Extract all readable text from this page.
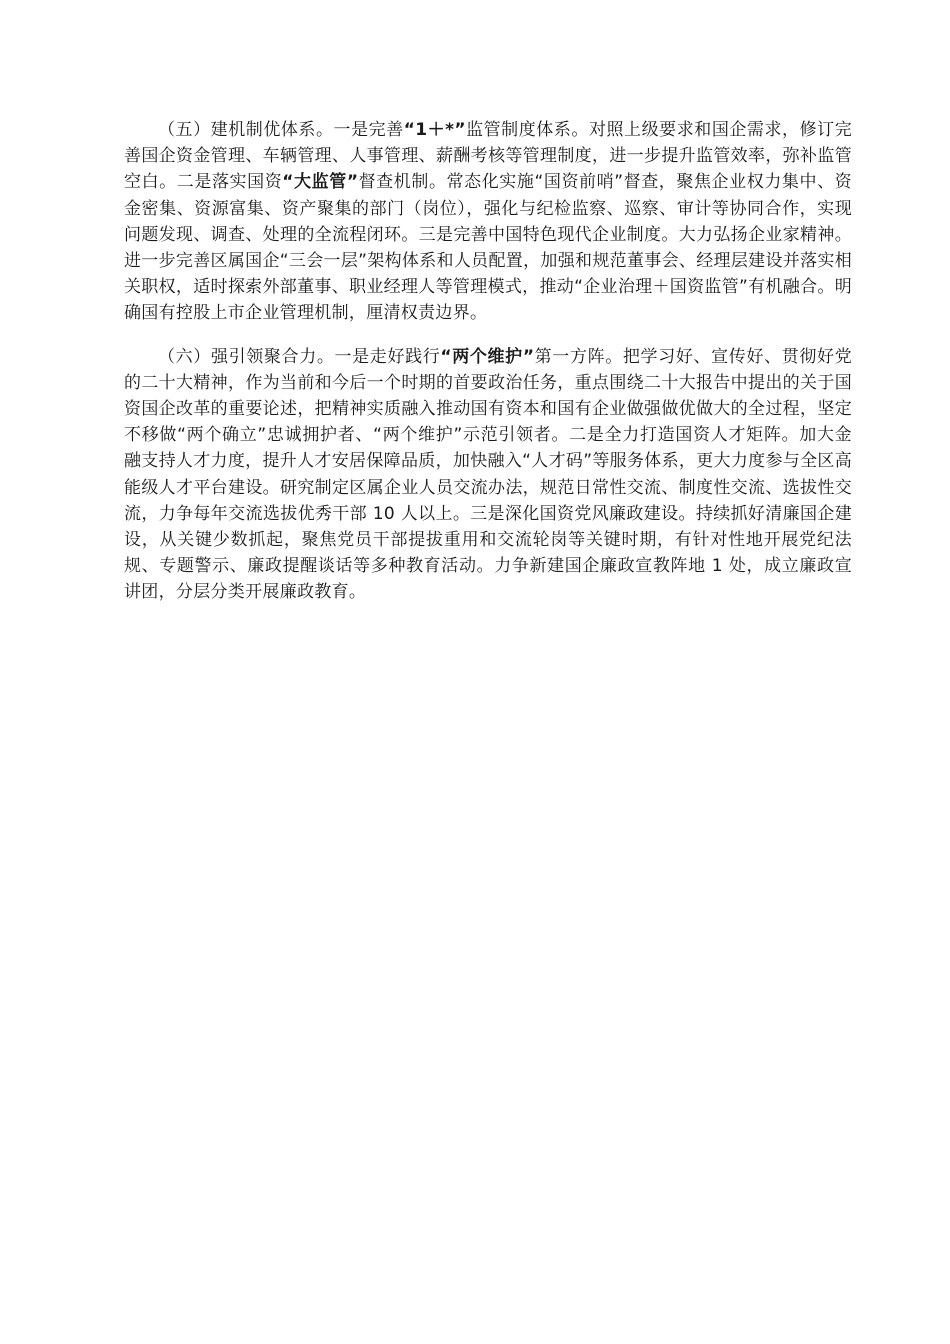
（五）建机制优体系。一是完善“1＋*”监管制度体系。对照上级要求和国企需求，修订完善国企资金管理、车辆管理、人事管理、薪酬考核等管理制度，进一步提升监管效率，弥补监管空白。二是落实国资“大监管”督查机制。常态化实施“国资前哨”督查，聚焦企业权力集中、资金密集、资源富集、资产聚集的部门（岗位），强化与纪检监察、巡察、审计等协同合作，实现问题发现、调查、处理的全流程闭环。三是完善中国特色现代企业制度。大力弘扬企业家精神。进一步完善区属国企“三会一层”架构体系和人员配置，加强和规范董事会、经理层建设并落实相关职权，适时探索外部董事、职业经理人等管理模式，推动“企业治理＋国资监管”有机融合。明确国有控股上市企业管理机制，厘清权责边界。

（六）强引领聚合力。一是走好践行“两个维护”第一方阵。把学习好、宣传好、贯彻好党的二十大精神，作为当前和今后一个时期的首要政治任务，重点围绕二十大报告中提出的关于国资国企改革的重要论述，把精神实质融入推动国有资本和国有企业做强做优做大的全过程，坚定不移做“两个确立”忠诚拥护者、“两个维护”示范引领者。二是全力打造国资人才矩阵。加大金融支持人才力度，提升人才安居保障品质，加快融入“人才码”等服务体系，更大力度参与全区高能级人才平台建设。研究制定区属企业人员交流办法，规范日常性交流、制度性交流、选拔性交流，力争每年交流选拔优秀干部 10 人以上。三是深化国资党风廉政建设。持续抓好清廉国企建设，从关键少数抓起，聚焦党员干部提拔重用和交流轮岗等关键时期，有针对性地开展党纪法规、专题警示、廉政提醒谈话等多种教育活动。力争新建国企廉政宣教阵地 1 处，成立廉政宣讲团，分层分类开展廉政教育。
